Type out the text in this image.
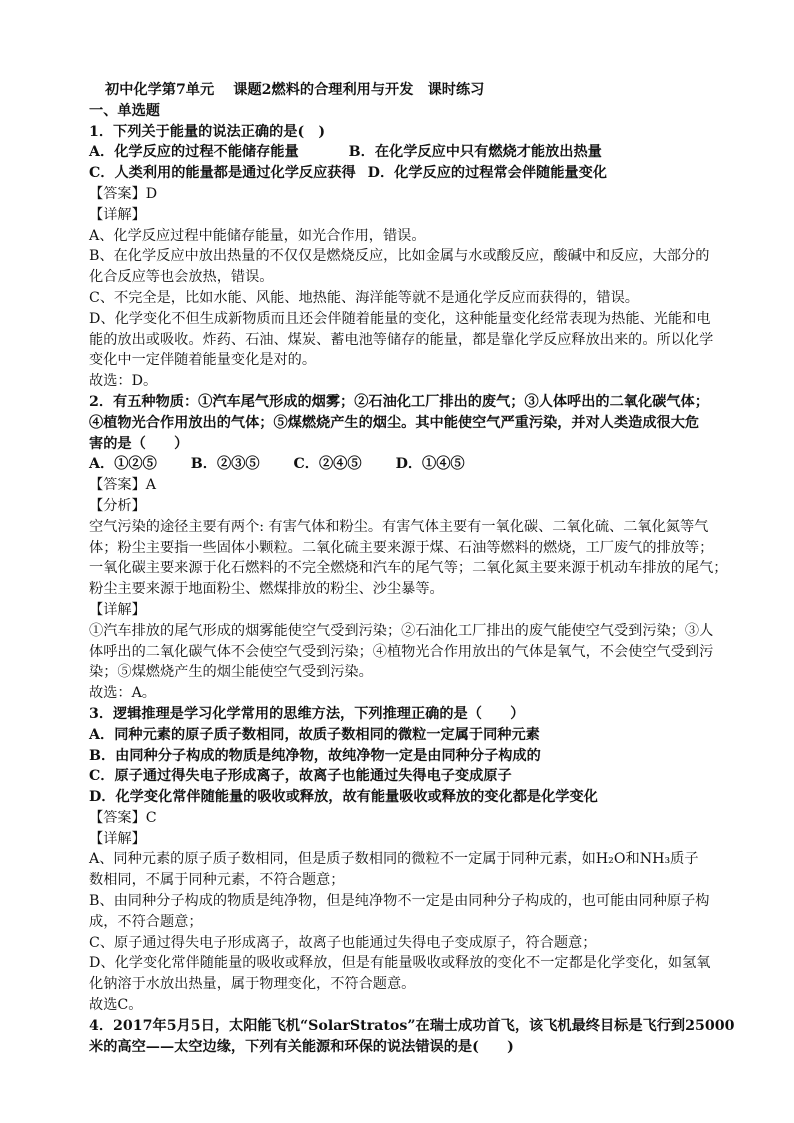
初中化学第7单元　 课题2燃料的合理利用与开发　课时练习
一、单选题
1．下列关于能量的说法正确的是(　)
A．化学反应的过程不能储存能量	B．在化学反应中只有燃烧才能放出热量
C．人类利用的能量都是通过化学反应获得 D．化学反应的过程常会伴随能量变化
【答案】D
【详解】
A、化学反应过程中能储存能量，如光合作用，错误。
B、在化学反应中放出热量的不仅仅是燃烧反应，比如金属与水或酸反应，酸碱中和反应，大部分的
化合反应等也会放热，错误。
C、不完全是，比如水能、风能、地热能、海洋能等就不是通化学反应而获得的，错误。
D、化学变化不但生成新物质而且还会伴随着能量的变化，这种能量变化经常表现为热能、光能和电
能的放出或吸收。炸药、石油、煤炭、蓄电池等储存的能量，都是靠化学反应释放出来的。所以化学
变化中一定伴随着能量变化是对的。
故选：D。
2．有五种物质：①汽车尾气形成的烟雾；②石油化工厂排出的废气；③人体呼出的二氧化碳气体；
④植物光合作用放出的气体；⑤煤燃烧产生的烟尘。其中能使空气严重污染，并对人类造成很大危
害的是（　　）
A．①②⑤ B．②③⑤ C．②④⑤ D．①④⑤
【答案】A
【分析】
空气污染的途径主要有两个: 有害气体和粉尘。有害气体主要有一氧化碳、二氧化硫、二氧化氮等气
体；粉尘主要指一些固体小颗粒。二氧化硫主要来源于煤、石油等燃料的燃烧，工厂废气的排放等；
一氧化碳主要来源于化石燃料的不完全燃烧和汽车的尾气等；二氧化氮主要来源于机动车排放的尾气；
粉尘主要来源于地面粉尘、燃煤排放的粉尘、沙尘暴等。
【详解】
①汽车排放的尾气形成的烟雾能使空气受到污染；②石油化工厂排出的废气能使空气受到污染；③人
体呼出的二氧化碳气体不会使空气受到污染；④植物光合作用放出的气体是氧气，不会使空气受到污
染；⑤煤燃烧产生的烟尘能使空气受到污染。
故选：A。
3．逻辑推理是学习化学常用的思维方法，下列推理正确的是（　　）
A．同种元素的原子质子数相同，故质子数相同的微粒一定属于同种元素
B．由同种分子构成的物质是纯净物，故纯净物一定是由同种分子构成的
C．原子通过得失电子形成离子，故离子也能通过失得电子变成原子
D．化学变化常伴随能量的吸收或释放，故有能量吸收或释放的变化都是化学变化
【答案】C
【详解】
A、同种元素的原子质子数相同，但是质子数相同的微粒不一定属于同种元素，如H₂O和NH₃质子
数相同，不属于同种元素，不符合题意；
B、由同种分子构成的物质是纯净物，但是纯净物不一定是由同种分子构成的，也可能由同种原子构
成，不符合题意；
C、原子通过得失电子形成离子，故离子也能通过失得电子变成原子，符合题意；
D、化学变化常伴随能量的吸收或释放，但是有能量吸收或释放的变化不一定都是化学变化，如氢氧
化钠溶于水放出热量，属于物理变化，不符合题意。
故选C。
4．2017年5月5日，太阳能飞机“SolarStratos”在瑞士成功首飞，该飞机最终目标是飞行到25000
米的高空——太空边缘，下列有关能源和环保的说法错误的是(　　)
